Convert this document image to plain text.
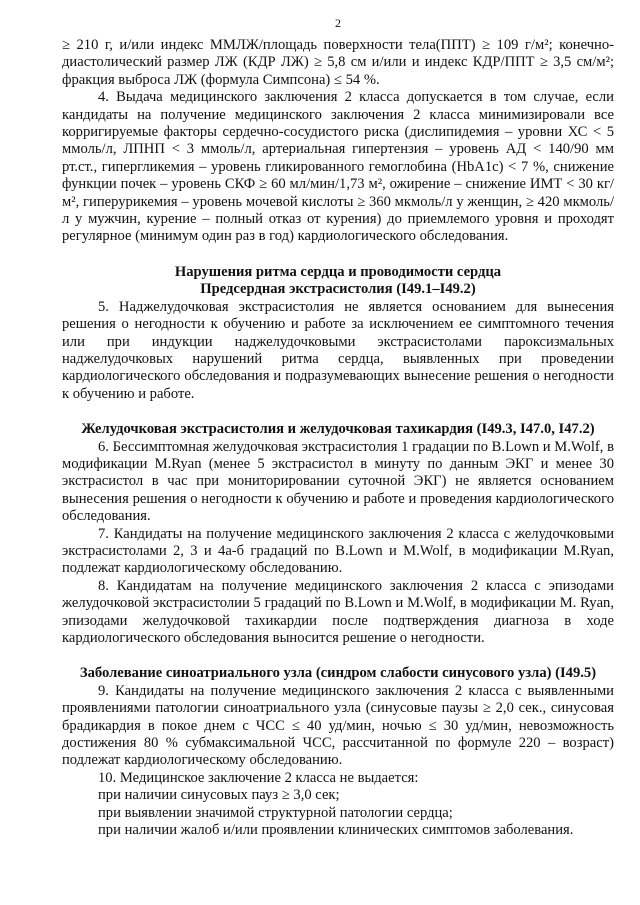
2

≥ 210 г, и/или индекс ММЛЖ/площадь поверхности тела(ППТ) ≥ 109 г/м²; конечно-диастолический размер ЛЖ (КДР ЛЖ) ≥ 5,8 см и/или и индекс КДР/ППТ ≥ 3,5 см/м²; фракция выброса ЛЖ (формула Симпсона) ≤ 54 %.

4. Выдача медицинского заключения 2 класса допускается в том случае, если кандидаты на получение медицинского заключения 2 класса минимизировали все корригируемые факторы сердечно-сосудистого риска (дислипидемия – уровни ХС < 5 ммоль/л, ЛПНП < 3 ммоль/л, артериальная гипертензия – уровень АД < 140/90 мм рт.ст., гипергликемия – уровень гликированного гемоглобина (HbA1c) < 7 %, снижение функции почек – уровень СКФ ≥ 60 мл/мин/1,73 м², ожирение – снижение ИМТ < 30 кг/м², гиперурикемия – уровень мочевой кислоты ≥ 360 мкмоль/л у женщин, ≥ 420 мкмоль/л у мужчин, курение – полный отказ от курения) до приемлемого уровня и проходят регулярное (минимум один раз в год) кардиологического обследования.

Нарушения ритма сердца и проводимости сердца
Предсердная экстрасистолия (I49.1–I49.2)

5. Наджелудочковая экстрасистолия не является основанием для вынесения решения о негодности к обучению и работе за исключением ее симптомного течения или при индукции наджелудочковыми экстрасистолами пароксизмальных наджелудочковых нарушений ритма сердца, выявленных при проведении кардиологического обследования и подразумевающих вынесение решения о негодности к обучению и работе.

Желудочковая экстрасистолия и желудочковая тахикардия (I49.3, I47.0, I47.2)

6. Бессимптомная желудочковая экстрасистолия 1 градации по B.Lown и M.Wolf, в модификации M.Ryan (менее 5 экстрасистол в минуту по данным ЭКГ и менее 30 экстрасистол в час при мониторировании суточной ЭКГ) не является основанием вынесения решения о негодности к обучению и работе и проведения кардиологического обследования.

7. Кандидаты на получение медицинского заключения 2 класса с желудочковыми экстрасистолами 2, 3 и 4а-б градаций по B.Lown и M.Wolf, в модификации M.Ryan, подлежат кардиологическому обследованию.

8. Кандидатам на получение медицинского заключения 2 класса с эпизодами желудочковой экстрасистолии 5 градаций по B.Lown и M.Wolf, в модификации M. Ryan, эпизодами желудочковой тахикардии после подтверждения диагноза в ходе кардиологического обследования выносится решение о негодности.

Заболевание синоатриального узла (синдром слабости синусового узла) (I49.5)

9. Кандидаты на получение медицинского заключения 2 класса с выявленными проявлениями патологии синоатриального узла (синусовые паузы ≥ 2,0 сек., синусовая брадикардия в покое днем с ЧСС ≤ 40 уд/мин, ночью ≤ 30 уд/мин, невозможность достижения 80 % субмаксимальной ЧСС, рассчитанной по формуле 220 – возраст) подлежат кардиологическому обследованию.

10. Медицинское заключение 2 класса не выдается:

при наличии синусовых пауз ≥ 3,0 сек;

при выявлении значимой структурной патологии сердца;

при наличии жалоб и/или проявлении клинических симптомов заболевания.
